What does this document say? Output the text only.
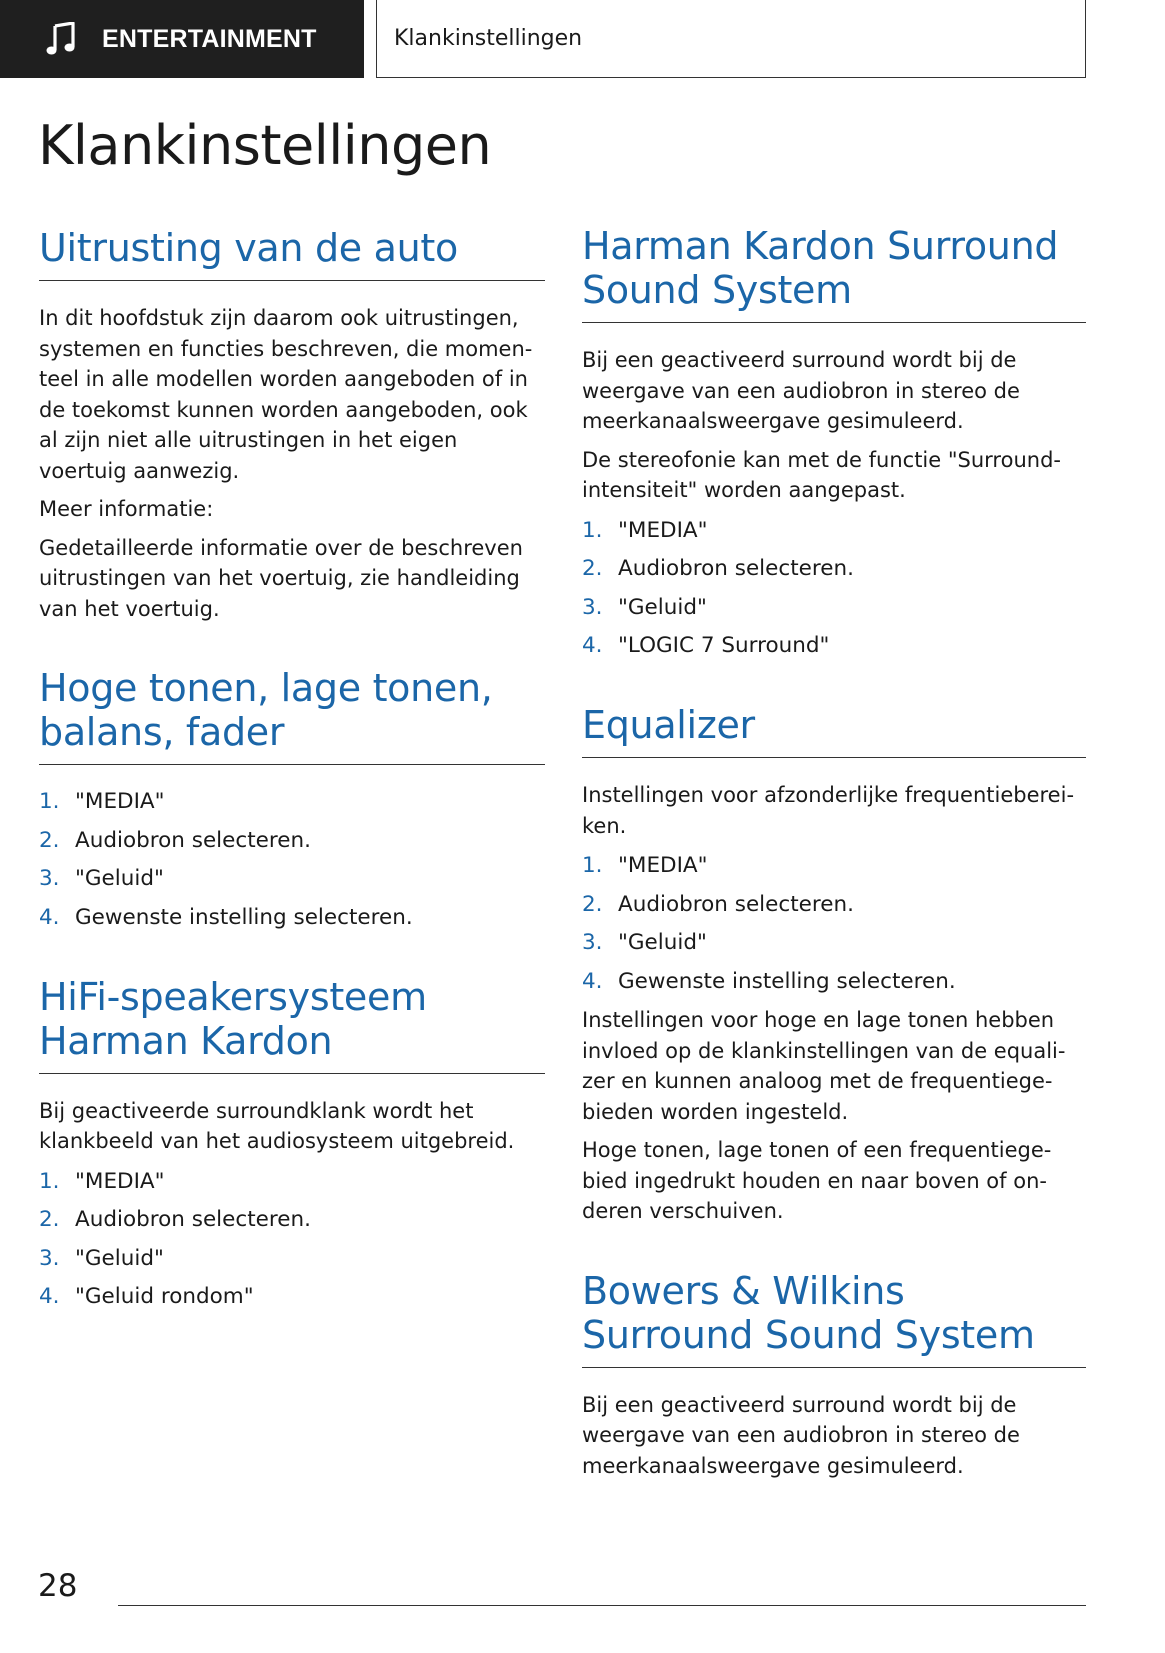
ENTERTAINMENT	Klankinstellingen
Klankinstellingen
Uitrusting van de auto

In dit hoofdstuk zijn daarom ook uitrustingen, systemen en functies beschreven, die momenteel in alle modellen worden aangeboden of in de toekomst kunnen worden aangeboden, ook al zijn niet alle uitrustingen in het eigen voertuig aanwezig.

Meer informatie:

Gedetailleerde informatie over de beschreven uitrustingen van het voertuig, zie handleiding van het voertuig.

Hoge tonen, lage tonen, balans, fader
1. "MEDIA"
2. Audiobron selecteren.
3. "Geluid"
4. Gewenste instelling selecteren.
HiFi-speakersysteem Harman Kardon

Bij geactiveerde surroundklank wordt het klankbeeld van het audiosysteem uitgebreid.

1. "MEDIA"
2. Audiobron selecteren.
3. "Geluid"
4. "Geluid rondom"
Harman Kardon Surround Sound System

Bij een geactiveerd surround wordt bij de weergave van een audiobron in stereo de meerkanaalsweergave gesimuleerd.

De stereofonie kan met de functie "Surround-intensiteit" worden aangepast.

1. "MEDIA"
2. Audiobron selecteren.
3. "Geluid"
4. "LOGIC 7 Surround"
Equalizer

Instellingen voor afzonderlijke frequentiebereiken.

1. "MEDIA"
2. Audiobron selecteren.
3. "Geluid"
4. Gewenste instelling selecteren.

Instellingen voor hoge en lage tonen hebben invloed op de klankinstellingen van de equalizer en kunnen analoog met de frequentiegebieden worden ingesteld.

Hoge tonen, lage tonen of een frequentiegebied ingedrukt houden en naar boven of onderen verschuiven.

Bowers & Wilkins Surround Sound System

Bij een geactiveerd surround wordt bij de weergave van een audiobron in stereo de meerkanaalsweergave gesimuleerd.

28
